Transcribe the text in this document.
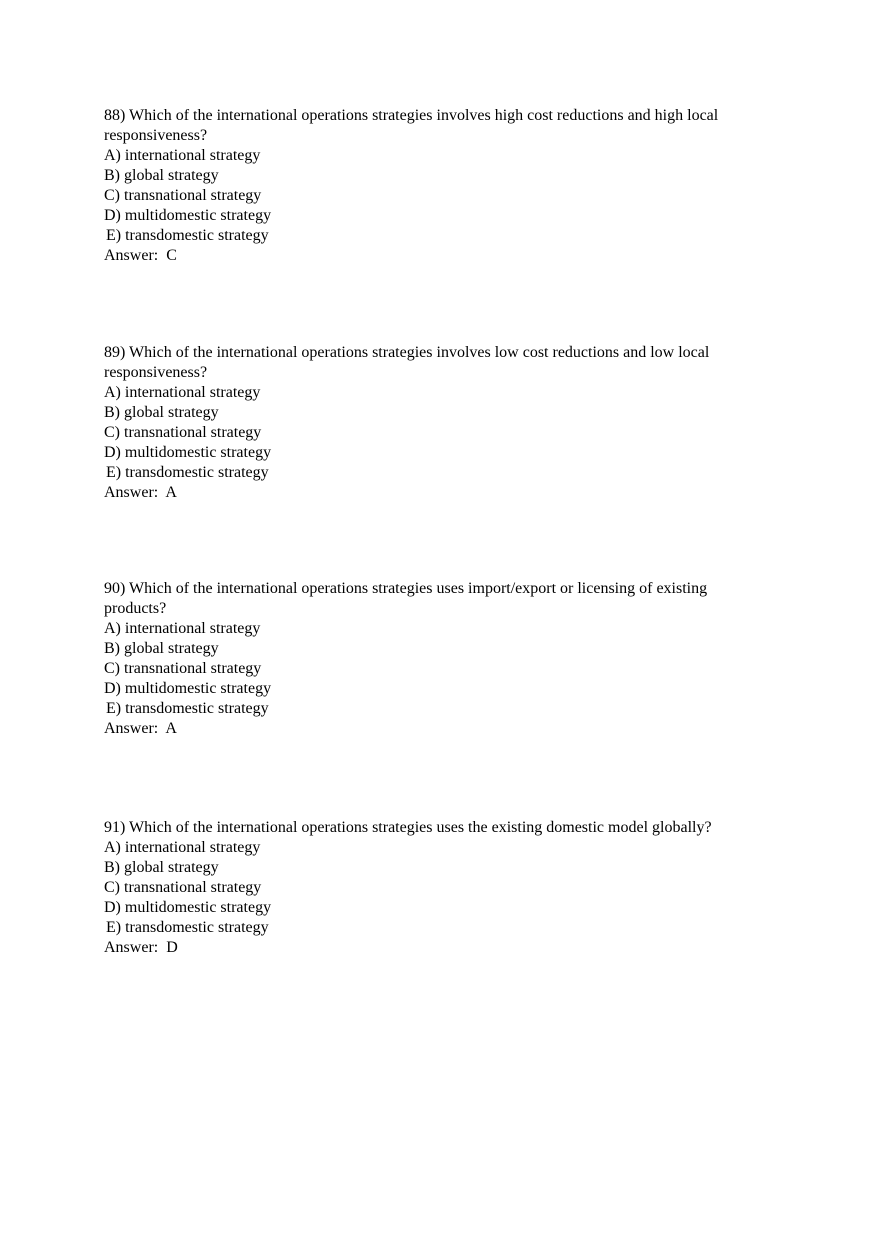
88) Which of the international operations strategies involves high cost reductions and high local responsiveness?

A) international strategy
B) global strategy
C) transnational strategy
D) multidomestic strategy
E) transdomestic strategy
Answer:  C

89) Which of the international operations strategies involves low cost reductions and low local responsiveness?

A) international strategy
B) global strategy
C) transnational strategy
D) multidomestic strategy
E) transdomestic strategy
Answer:  A

90) Which of the international operations strategies uses import/export or licensing of existing products?

A) international strategy
B) global strategy
C) transnational strategy
D) multidomestic strategy
E) transdomestic strategy
Answer:  A

91) Which of the international operations strategies uses the existing domestic model globally?

A) international strategy
B) global strategy
C) transnational strategy
D) multidomestic strategy
E) transdomestic strategy
Answer:  D
